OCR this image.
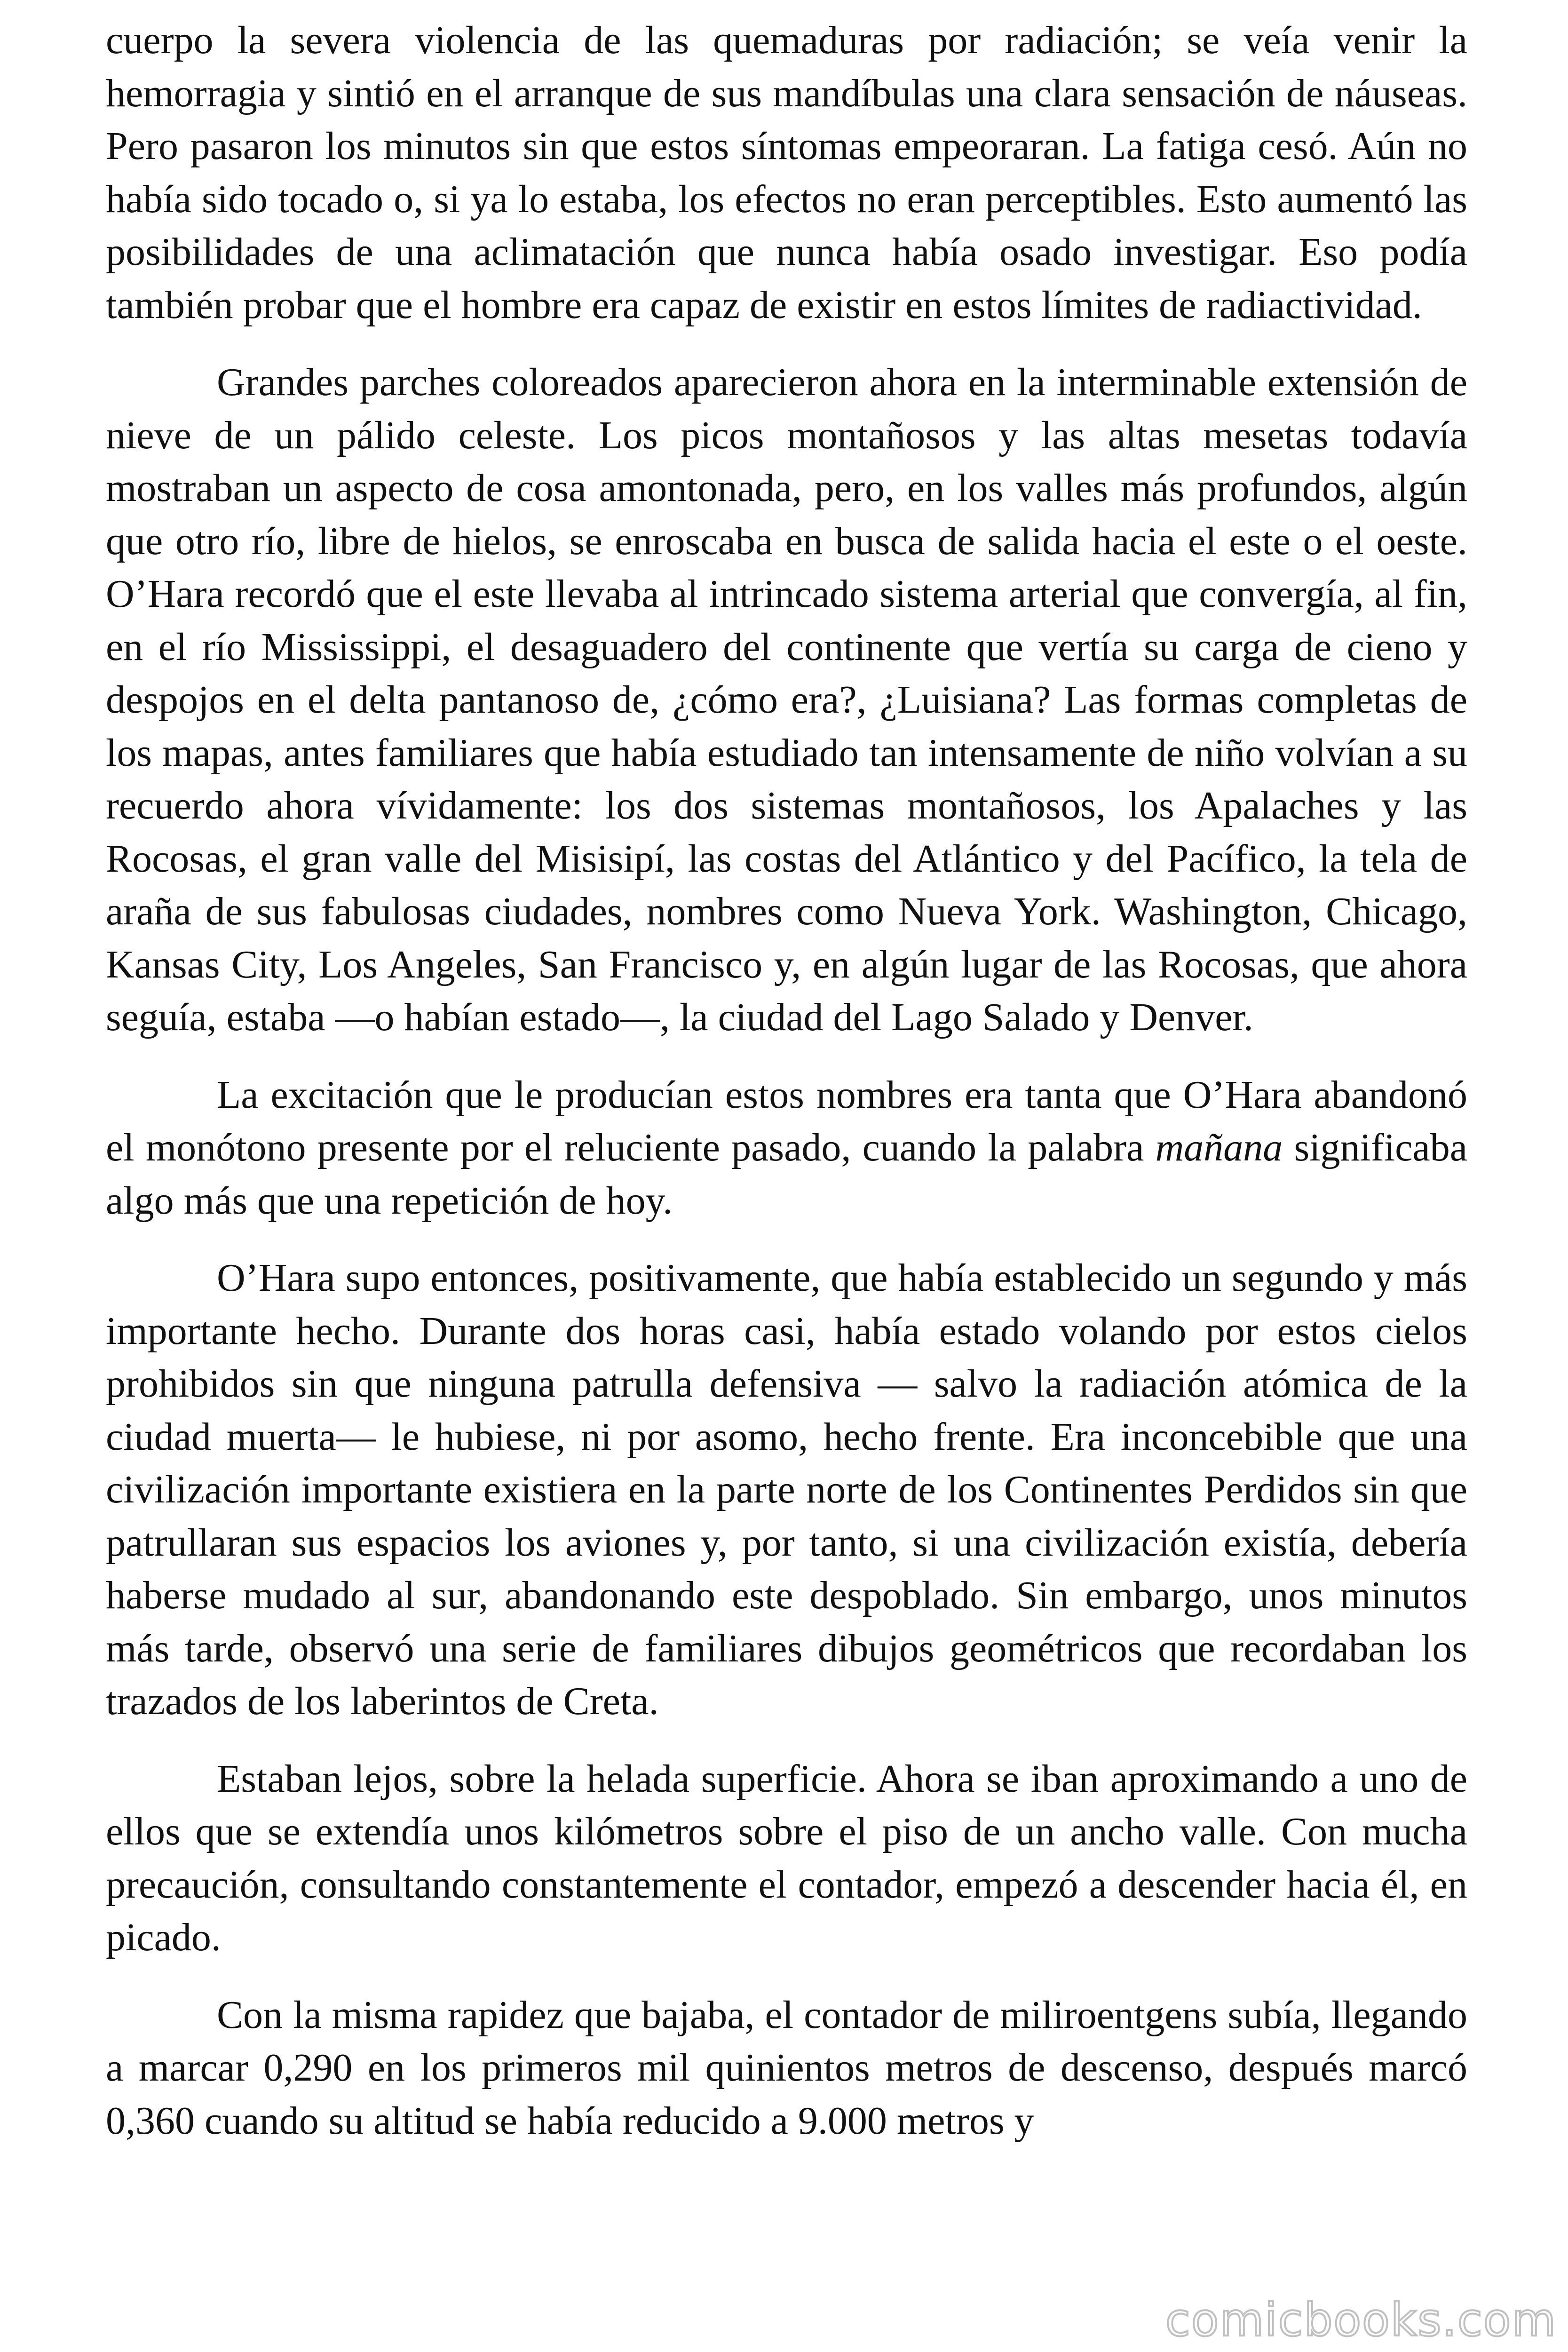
cuerpo la severa violencia de las quemaduras por radiación; se veía venir la hemorragia y sintió en el arranque de sus mandíbulas una clara sensación de náuseas. Pero pasaron los minutos sin que estos síntomas empeoraran. La fatiga cesó. Aún no había sido tocado o, si ya lo estaba, los efectos no eran perceptibles. Esto aumentó las posibilidades de una aclimatación que nunca había osado investigar. Eso podía también probar que el hombre era capaz de existir en estos límites de radiactividad.

Grandes parches coloreados aparecieron ahora en la interminable extensión de nieve de un pálido celeste. Los picos montañosos y las altas mesetas todavía mostraban un aspecto de cosa amontonada, pero, en los valles más profundos, algún que otro río, libre de hielos, se enroscaba en busca de salida hacia el este o el oeste. O’Hara recordó que el este llevaba al intrincado sistema arterial que convergía, al fin, en el río Mississippi, el desaguadero del continente que vertía su carga de cieno y despojos en el delta pantanoso de, ¿cómo era?, ¿Luisiana? Las formas completas de los mapas, antes familiares que había estudiado tan intensamente de niño volvían a su recuerdo ahora vívidamente: los dos sistemas montañosos, los Apalaches y las Rocosas, el gran valle del Misisipí, las costas del Atlántico y del Pacífico, la tela de araña de sus fabulosas ciudades, nombres como Nueva York. Washington, Chicago, Kansas City, Los Angeles, San Francisco y, en algún lugar de las Rocosas, que ahora seguía, estaba —o habían estado—, la ciudad del Lago Salado y Denver.

La excitación que le producían estos nombres era tanta que O’Hara abandonó el monótono presente por el reluciente pasado, cuando la palabra mañana significaba algo más que una repetición de hoy.

O’Hara supo entonces, positivamente, que había establecido un segundo y más importante hecho. Durante dos horas casi, había estado volando por estos cielos prohibidos sin que ninguna patrulla defensiva — salvo la radiación atómica de la ciudad muerta— le hubiese, ni por asomo, hecho frente. Era inconcebible que una civilización importante existiera en la parte norte de los Continentes Perdidos sin que patrullaran sus espacios los aviones y, por tanto, si una civilización existía, debería haberse mudado al sur, abandonando este despoblado. Sin embargo, unos minutos más tarde, observó una serie de familiares dibujos geométricos que recordaban los trazados de los laberintos de Creta.

Estaban lejos, sobre la helada superficie. Ahora se iban aproximando a uno de ellos que se extendía unos kilómetros sobre el piso de un ancho valle. Con mucha precaución, consultando constantemente el contador, empezó a descender hacia él, en picado.

Con la misma rapidez que bajaba, el contador de miliroentgens subía, llegando a marcar 0,290 en los primeros mil quinientos metros de descenso, después marcó 0,360 cuando su altitud se había reducido a 9.000 metros y

comicbooks.com
